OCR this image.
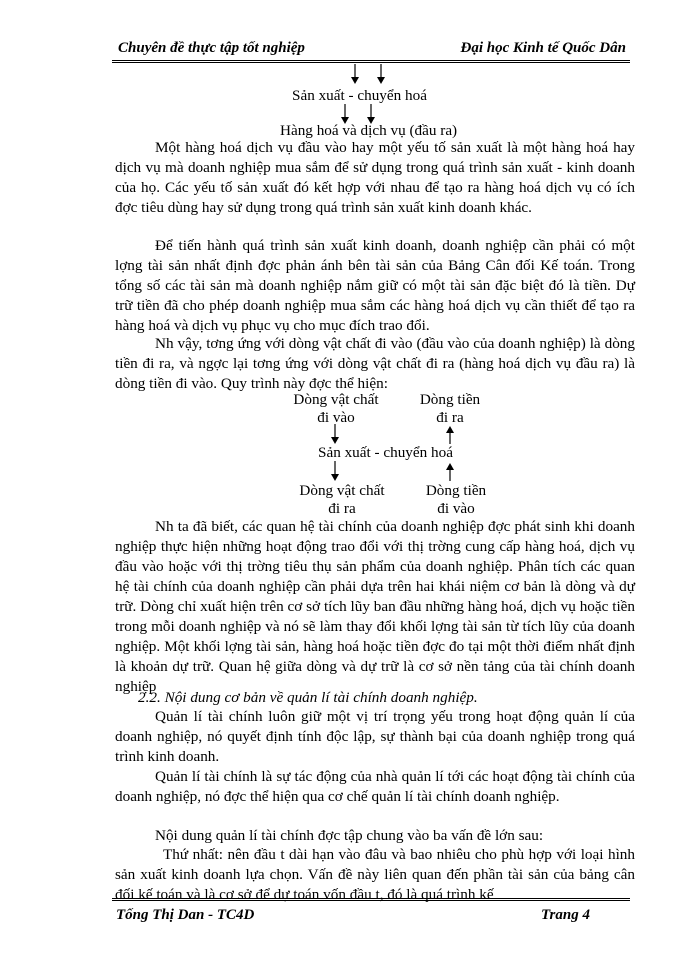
Chuyên đề thực tập tốt nghiệp	Đại học Kinh tế Quốc Dân
Sản xuất - chuyển hoá
Hàng hoá và dịch vụ (đầu ra)
Một hàng hoá dịch vụ đầu vào hay một yếu tố sản xuất là một hàng hoá hay dịch vụ mà doanh nghiệp mua sắm để sử dụng trong quá trình sản xuất - kinh doanh của họ. Các yếu tố sản xuất đó kết hợp với nhau để tạo ra hàng hoá dịch vụ có ích đợc tiêu dùng hay sử dụng trong quá trình sản xuất kinh doanh khác.
Để tiến hành quá trình sản xuất kinh doanh, doanh nghiệp cần phải có một lợng tài sản nhất định đợc phản ánh bên tài sản của Bảng Cân đối Kế toán. Trong tổng số các tài sản mà doanh nghiệp nắm giữ có một tài sản đặc biệt đó là tiền. Dự trữ tiền đã cho phép doanh nghiệp mua sắm các hàng hoá dịch vụ cần thiết để tạo ra hàng hoá và dịch vụ phục vụ cho mục đích trao đổi.
Nh vậy, tơng ứng với dòng vật chất đi vào (đầu vào của doanh nghiệp) là dòng tiền đi ra, và ngợc lại tơng ứng với dòng vật chất đi ra (hàng hoá dịch vụ đầu ra) là dòng tiền đi vào. Quy trình này đợc thể hiện:
Dòng vật chất	Dòng tiền
đi vào	đi ra
Sản xuất - chuyển hoá
Dòng vật chất	Dòng tiền
đi ra	đi vào
Nh ta đã biết, các quan hệ tài chính của doanh nghiệp đợc phát sinh khi doanh nghiệp thực hiện những hoạt động trao đổi với thị trờng cung cấp hàng hoá, dịch vụ đầu vào hoặc với thị trờng tiêu thụ sản phẩm của doanh nghiệp. Phân tích các quan hệ tài chính của doanh nghiệp cần phải dựa trên hai khái niệm cơ bản là dòng và dự trữ. Dòng chỉ xuất hiện trên cơ sở tích lũy ban đầu những hàng hoá, dịch vụ hoặc tiền trong mỗi doanh nghiệp và nó sẽ làm thay đổi khối lợng tài sản từ tích lũy của doanh nghiệp. Một khối lợng tài sản, hàng hoá hoặc tiền đợc đo tại một thời điểm nhất định là khoản dự trữ. Quan hệ giữa dòng và dự trữ là cơ sở nền tảng của tài chính doanh nghiệp
2.2. Nội dung cơ bản về quản lí tài chính doanh nghiệp.
Quản lí tài chính luôn giữ một vị trí trọng yếu trong hoạt động quản lí của doanh nghiệp, nó quyết định tính độc lập, sự thành bại của doanh nghiệp trong quá trình kinh doanh.
Quản lí tài chính là sự tác động của nhà quản lí tới các hoạt động tài chính của doanh nghiệp, nó đợc thể hiện qua cơ chế quản lí tài chính doanh nghiệp.
Nội dung quản lí tài chính đợc tập chung vào ba vấn đề lớn sau:
Thứ nhất: nên đầu t dài hạn vào đâu và bao nhiêu cho phù hợp với loại hình sản xuất kinh doanh lựa chọn. Vấn đề này liên quan đến phần tài sản của bảng cân đối kế toán và là cơ sở để dự toán vốn đầu t, đó là quá trình kế
Tống Thị Dan - TC4D	Trang 4
